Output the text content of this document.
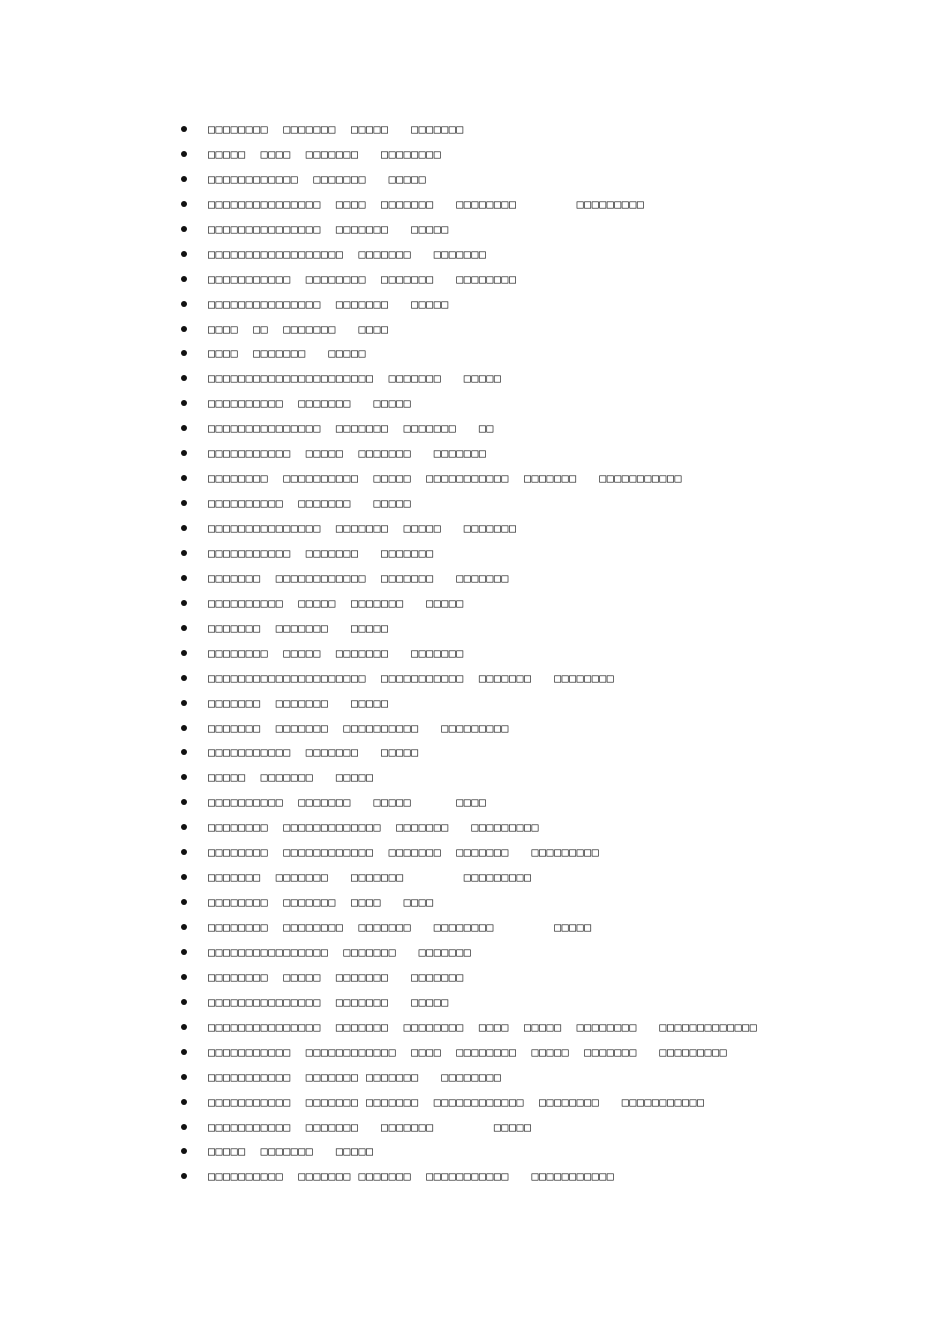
□□□□□□□□  □□□□□□□  □□□□□   □□□□□□□
□□□□□  □□□□  □□□□□□□   □□□□□□□□
□□□□□□□□□□□□  □□□□□□□   □□□□□
□□□□□□□□□□□□□□□  □□□□  □□□□□□□   □□□□□□□□        □□□□□□□□□
□□□□□□□□□□□□□□□  □□□□□□□   □□□□□
□□□□□□□□□□□□□□□□□□  □□□□□□□   □□□□□□□
□□□□□□□□□□□  □□□□□□□□  □□□□□□□   □□□□□□□□
□□□□□□□□□□□□□□□  □□□□□□□   □□□□□
□□□□  □□  □□□□□□□   □□□□
□□□□  □□□□□□□   □□□□□
□□□□□□□□□□□□□□□□□□□□□□  □□□□□□□   □□□□□
□□□□□□□□□□  □□□□□□□   □□□□□
□□□□□□□□□□□□□□□  □□□□□□□  □□□□□□□   □□
□□□□□□□□□□□  □□□□□  □□□□□□□   □□□□□□□
□□□□□□□□  □□□□□□□□□□  □□□□□  □□□□□□□□□□□  □□□□□□□   □□□□□□□□□□□
□□□□□□□□□□  □□□□□□□   □□□□□
□□□□□□□□□□□□□□□  □□□□□□□  □□□□□   □□□□□□□
□□□□□□□□□□□  □□□□□□□   □□□□□□□
□□□□□□□  □□□□□□□□□□□□  □□□□□□□   □□□□□□□
□□□□□□□□□□  □□□□□  □□□□□□□   □□□□□
□□□□□□□  □□□□□□□   □□□□□
□□□□□□□□  □□□□□  □□□□□□□   □□□□□□□
□□□□□□□□□□□□□□□□□□□□□  □□□□□□□□□□□  □□□□□□□   □□□□□□□□
□□□□□□□  □□□□□□□   □□□□□
□□□□□□□  □□□□□□□  □□□□□□□□□□   □□□□□□□□□
□□□□□□□□□□□  □□□□□□□   □□□□□
□□□□□  □□□□□□□   □□□□□
□□□□□□□□□□  □□□□□□□   □□□□□      □□□□
□□□□□□□□  □□□□□□□□□□□□□  □□□□□□□   □□□□□□□□□
□□□□□□□□  □□□□□□□□□□□□  □□□□□□□  □□□□□□□   □□□□□□□□□
□□□□□□□  □□□□□□□   □□□□□□□        □□□□□□□□□
□□□□□□□□  □□□□□□□  □□□□   □□□□
□□□□□□□□  □□□□□□□□  □□□□□□□   □□□□□□□□        □□□□□
□□□□□□□□□□□□□□□□  □□□□□□□   □□□□□□□
□□□□□□□□  □□□□□  □□□□□□□   □□□□□□□
□□□□□□□□□□□□□□□  □□□□□□□   □□□□□
□□□□□□□□□□□□□□□  □□□□□□□  □□□□□□□□  □□□□  □□□□□  □□□□□□□□   □□□□□□□□□□□□□
□□□□□□□□□□□  □□□□□□□□□□□□  □□□□  □□□□□□□□  □□□□□  □□□□□□□   □□□□□□□□□
□□□□□□□□□□□  □□□□□□□ □□□□□□□   □□□□□□□□
□□□□□□□□□□□  □□□□□□□ □□□□□□□  □□□□□□□□□□□□  □□□□□□□□   □□□□□□□□□□□
□□□□□□□□□□□  □□□□□□□   □□□□□□□        □□□□□
□□□□□  □□□□□□□   □□□□□
□□□□□□□□□□  □□□□□□□ □□□□□□□  □□□□□□□□□□□   □□□□□□□□□□□
